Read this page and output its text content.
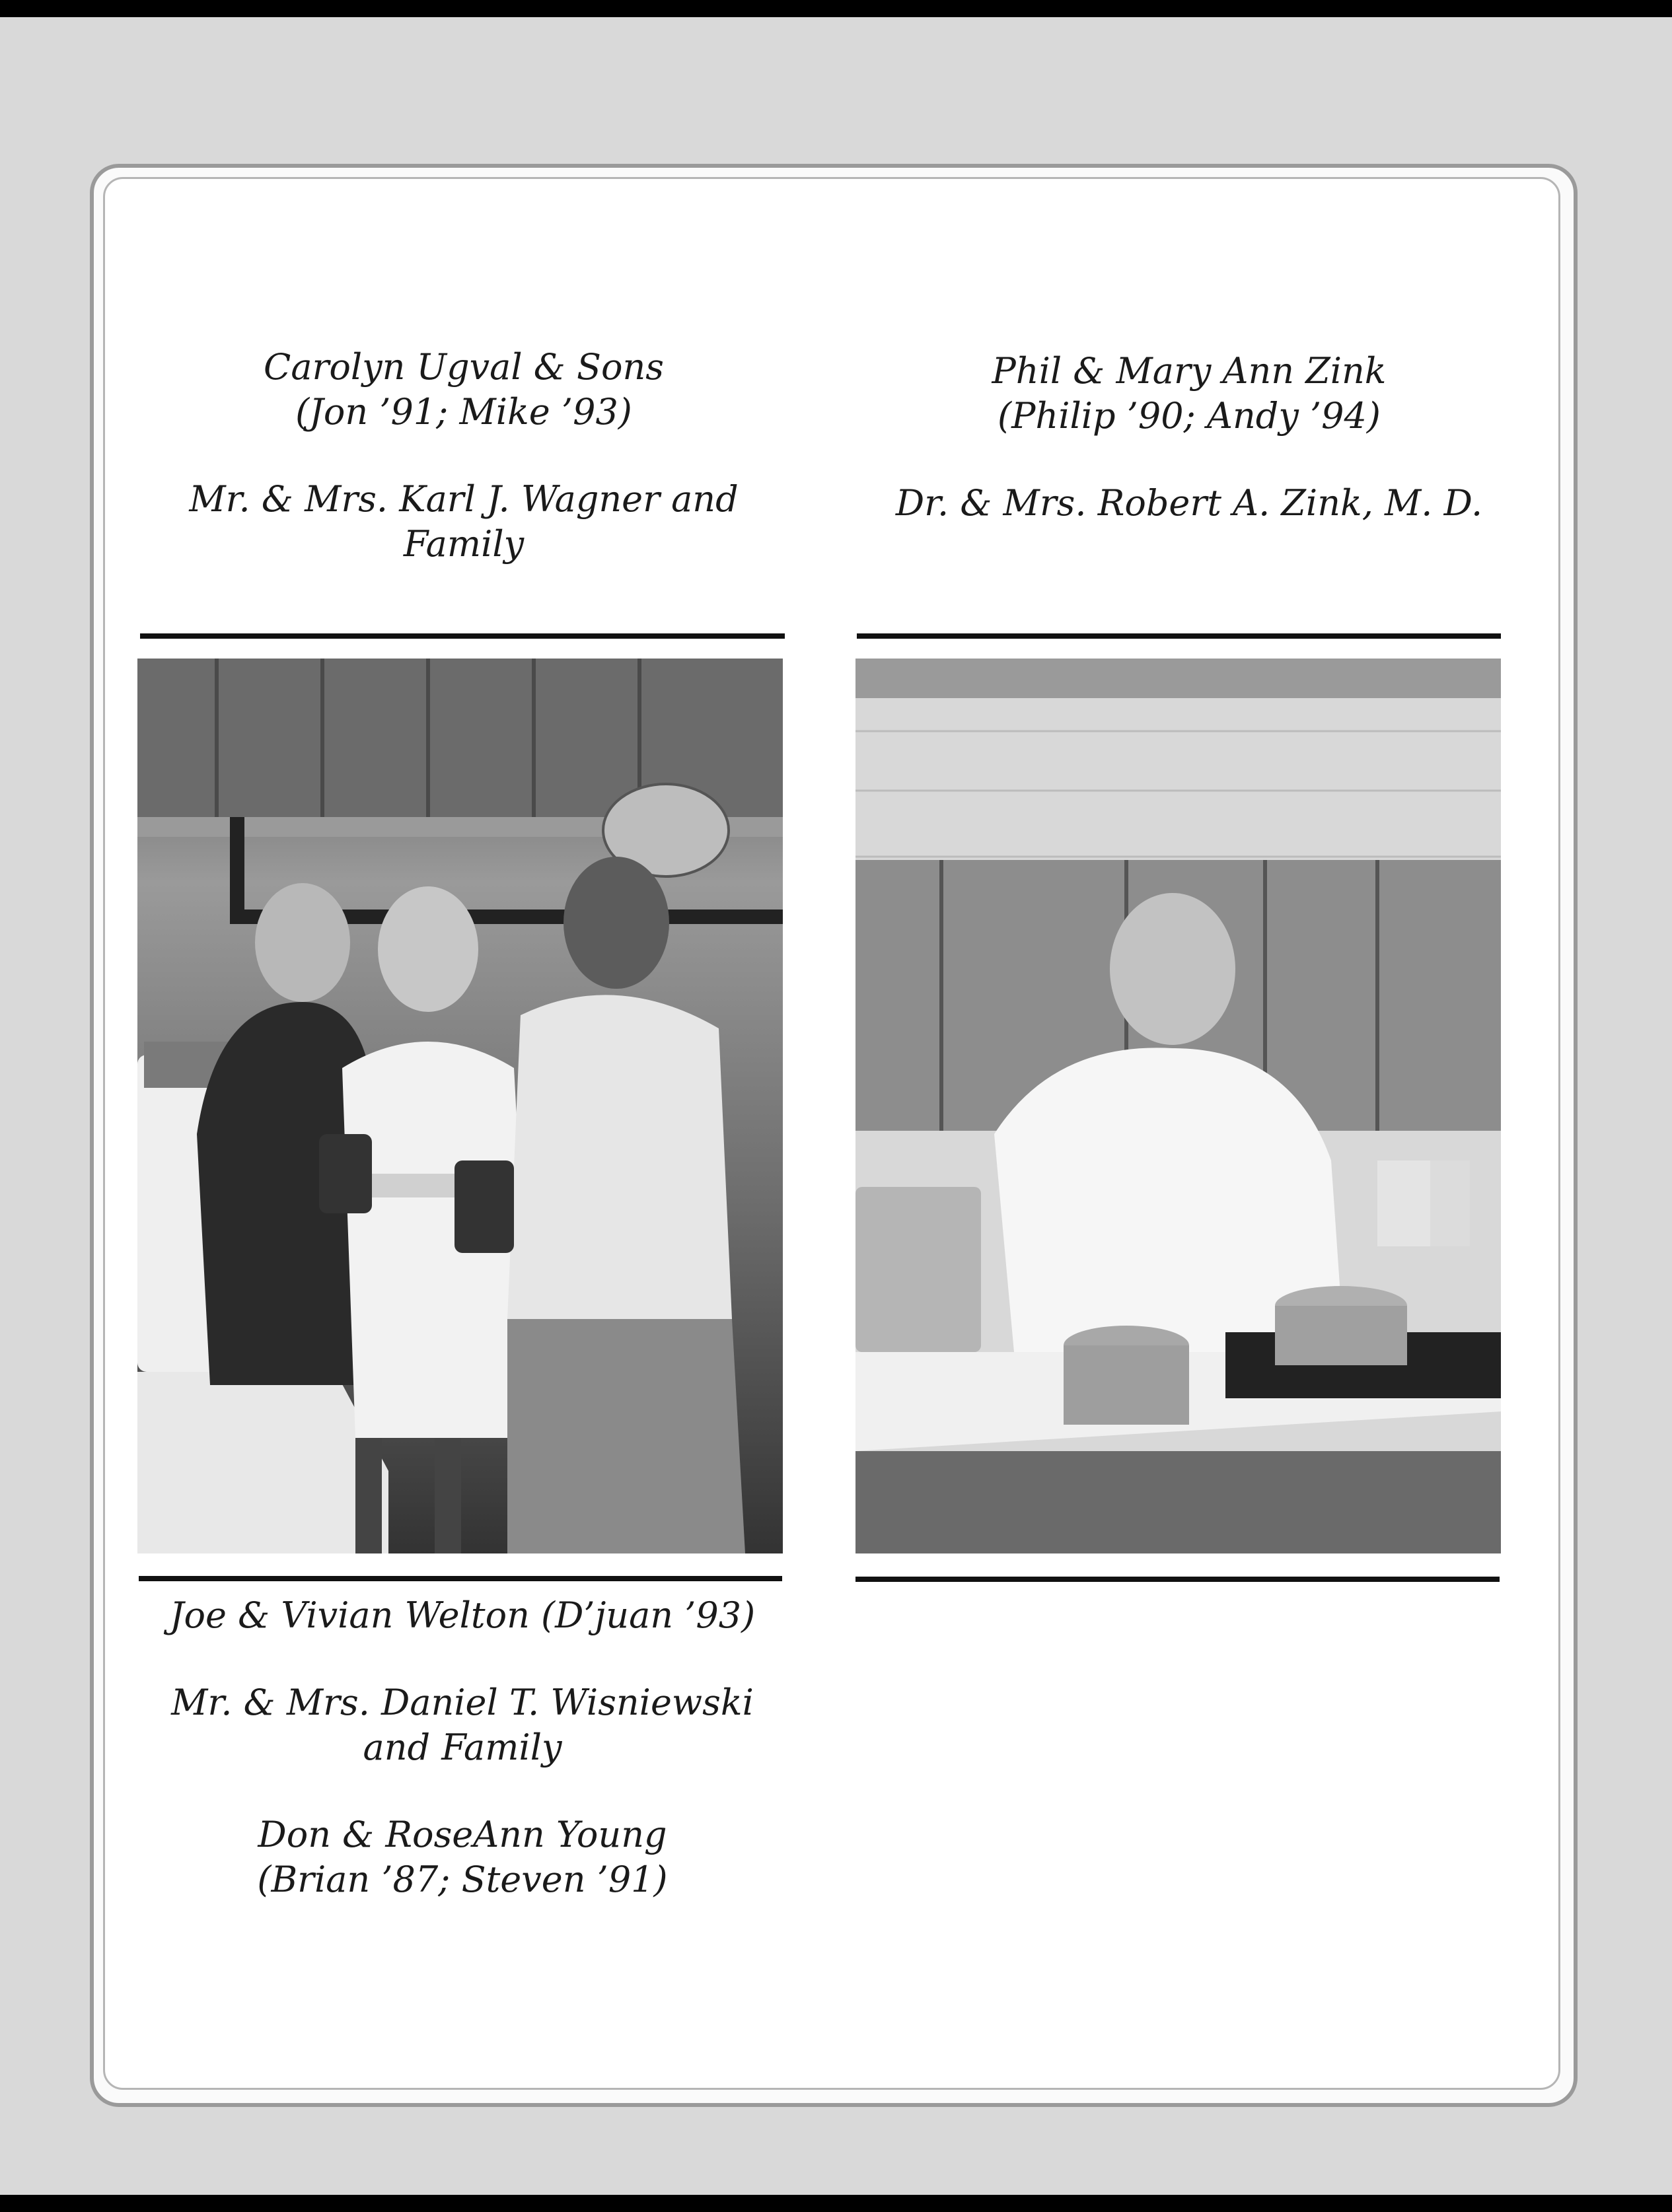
Carolyn Ugval & Sons

(Jon ’91; Mike ’93)

Mr. & Mrs. Karl J. Wagner and

Family

Phil & Mary Ann Zink

(Philip ’90; Andy ’94)

Dr. & Mrs. Robert A. Zink, M. D.

Joe & Vivian Welton (D’juan ’93)

Mr. & Mrs. Daniel T. Wisniewski

and Family

Don & RoseAnn Young

(Brian ’87; Steven ’91)
